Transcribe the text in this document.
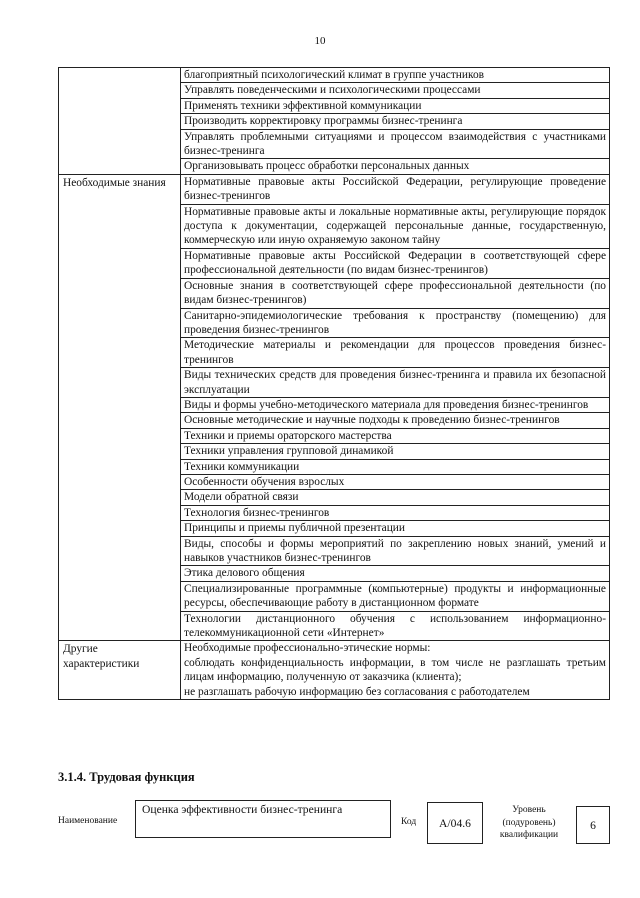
10
	благоприятный психологический климат в группе участников
	Управлять поведенческими и психологическими процессами
	Применять техники эффективной коммуникации
	Производить корректировку программы бизнес-тренинга
	Управлять проблемными ситуациями и процессом взаимодействия с участниками бизнес-тренинга
	Организовывать процесс обработки персональных данных
Необходимые знания	Нормативные правовые акты Российской Федерации, регулирующие проведение бизнес-тренингов
	Нормативные правовые акты и локальные нормативные акты, регулирующие порядок доступа к документации, содержащей персональные данные, государственную, коммерческую или иную охраняемую законом тайну
	Нормативные правовые акты Российской Федерации в соответствующей сфере профессиональной деятельности (по видам бизнес-тренингов)
	Основные знания в соответствующей сфере профессиональной деятельности (по видам бизнес-тренингов)
	Санитарно-эпидемиологические требования к пространству (помещению) для проведения бизнес-тренингов
	Методические материалы и рекомендации для процессов проведения бизнес-тренингов
	Виды технических средств для проведения бизнес-тренинга и правила их безопасной эксплуатации
	Виды и формы учебно-методического материала для проведения бизнес-тренингов
	Основные методические и научные подходы к проведению бизнес-тренингов
	Техники и приемы ораторского мастерства
	Техники управления групповой динамикой
	Техники коммуникации
	Особенности обучения взрослых
	Модели обратной связи
	Технология бизнес-тренингов
	Принципы и приемы публичной презентации
	Виды, способы и формы мероприятий по закреплению новых знаний, умений и навыков участников бизнес-тренингов
	Этика делового общения
	Специализированные программные (компьютерные) продукты и информационные ресурсы, обеспечивающие работу в дистанционном формате
	Технологии дистанционного обучения с использованием информационно-телекоммуникационной сети «Интернет»
Другие характеристики	Необходимые профессионально-этические нормы:
соблюдать конфиденциальность информации, в том числе не разглашать третьим лицам информацию, полученную от заказчика (клиента);
не разглашать рабочую информацию без согласования с работодателем
3.1.4. Трудовая функция
Наименование
Оценка эффективности бизнес-тренинга
Код	A/04.6
Уровень (подуровень) квалификации
6
